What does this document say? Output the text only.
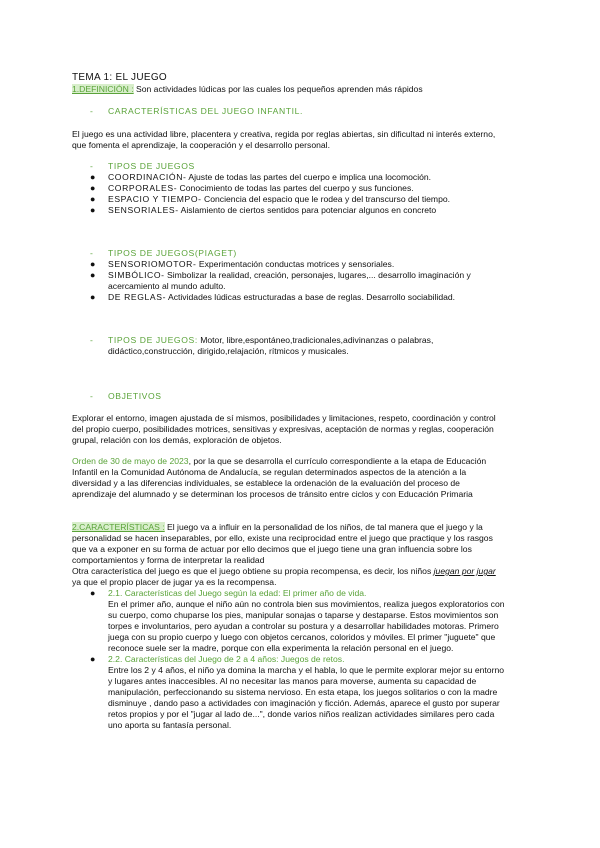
TEMA 1: EL JUEGO
1.DEFINICIÓN : Son actividades lúdicas por las cuales los pequeños aprenden más rápidos
- CARACTERÍSTICAS DEL JUEGO INFANTIL.
El juego es una actividad libre, placentera y creativa, regida por reglas abiertas, sin dificultad ni interés externo,
que fomenta el aprendizaje, la cooperación y el desarrollo personal.
- TIPOS DE JUEGOS
● COORDINACIÓN- Ajuste de todas las partes del cuerpo e implica una locomoción.
● CORPORALES- Conocimiento de todas las partes del cuerpo y sus funciones.
● ESPACIO Y TIEMPO- Conciencia del espacio que le rodea y del transcurso del tiempo.
● SENSORIALES- Aislamiento de ciertos sentidos para potenciar algunos en concreto
- TIPOS DE JUEGOS(PIAGET)
● SENSORIOMOTOR- Experimentación conductas motrices y sensoriales.
● SIMBÓLICO- Simbolizar la realidad, creación, personajes, lugares,... desarrollo imaginación y
acercamiento al mundo adulto.
● DE REGLAS- Actividades lúdicas estructuradas a base de reglas. Desarrollo sociabilidad.
- TIPOS DE JUEGOS: Motor, libre,espontáneo,tradicionales,adivinanzas o palabras,
didáctico,construcción, dirigido,relajación, rítmicos y musicales.
- OBJETIVOS
Explorar el entorno, imagen ajustada de sí mismos, posibilidades y limitaciones, respeto, coordinación y control
del propio cuerpo, posibilidades motrices, sensitivas y expresivas, aceptación de normas y reglas, cooperación
grupal, relación con los demás, exploración de objetos.
Orden de 30 de mayo de 2023, por la que se desarrolla el currículo correspondiente a la etapa de Educación
Infantil en la Comunidad Autónoma de Andalucía, se regulan determinados aspectos de la atención a la
diversidad y a las diferencias individuales, se establece la ordenación de la evaluación del proceso de
aprendizaje del alumnado y se determinan los procesos de tránsito entre ciclos y con Educación Primaria
2.CARACTERÍSTICAS : El juego va a influir en la personalidad de los niños, de tal manera que el juego y la
personalidad se hacen inseparables, por ello, existe una reciprocidad entre el juego que practique y los rasgos
que va a exponer en su forma de actuar por ello decimos que el juego tiene una gran influencia sobre los
comportamientos y forma de interpretar la realidad
Otra característica del juego es que el juego obtiene su propia recompensa, es decir, los niños juegan por jugar
ya que el propio placer de jugar ya es la recompensa.
● 2.1. Características del Juego según la edad: El primer año de vida.
En el primer año, aunque el niño aún no controla bien sus movimientos, realiza juegos exploratorios con
su cuerpo, como chuparse los pies, manipular sonajas o taparse y destaparse. Estos movimientos son
torpes e involuntarios, pero ayudan a controlar su postura y a desarrollar habilidades motoras. Primero
juega con su propio cuerpo y luego con objetos cercanos, coloridos y móviles. El primer "juguete" que
reconoce suele ser la madre, porque con ella experimenta la relación personal en el juego.
● 2.2. Características del Juego de 2 a 4 años: Juegos de retos.
Entre los 2 y 4 años, el niño ya domina la marcha y el habla, lo que le permite explorar mejor su entorno
y lugares antes inaccesibles. Al no necesitar las manos para moverse, aumenta su capacidad de
manipulación, perfeccionando su sistema nervioso. En esta etapa, los juegos solitarios o con la madre
disminuye , dando paso a actividades con imaginación y ficción. Además, aparece el gusto por superar
retos propios y por el "jugar al lado de...", donde varios niños realizan actividades similares pero cada
uno aporta su fantasía personal.
